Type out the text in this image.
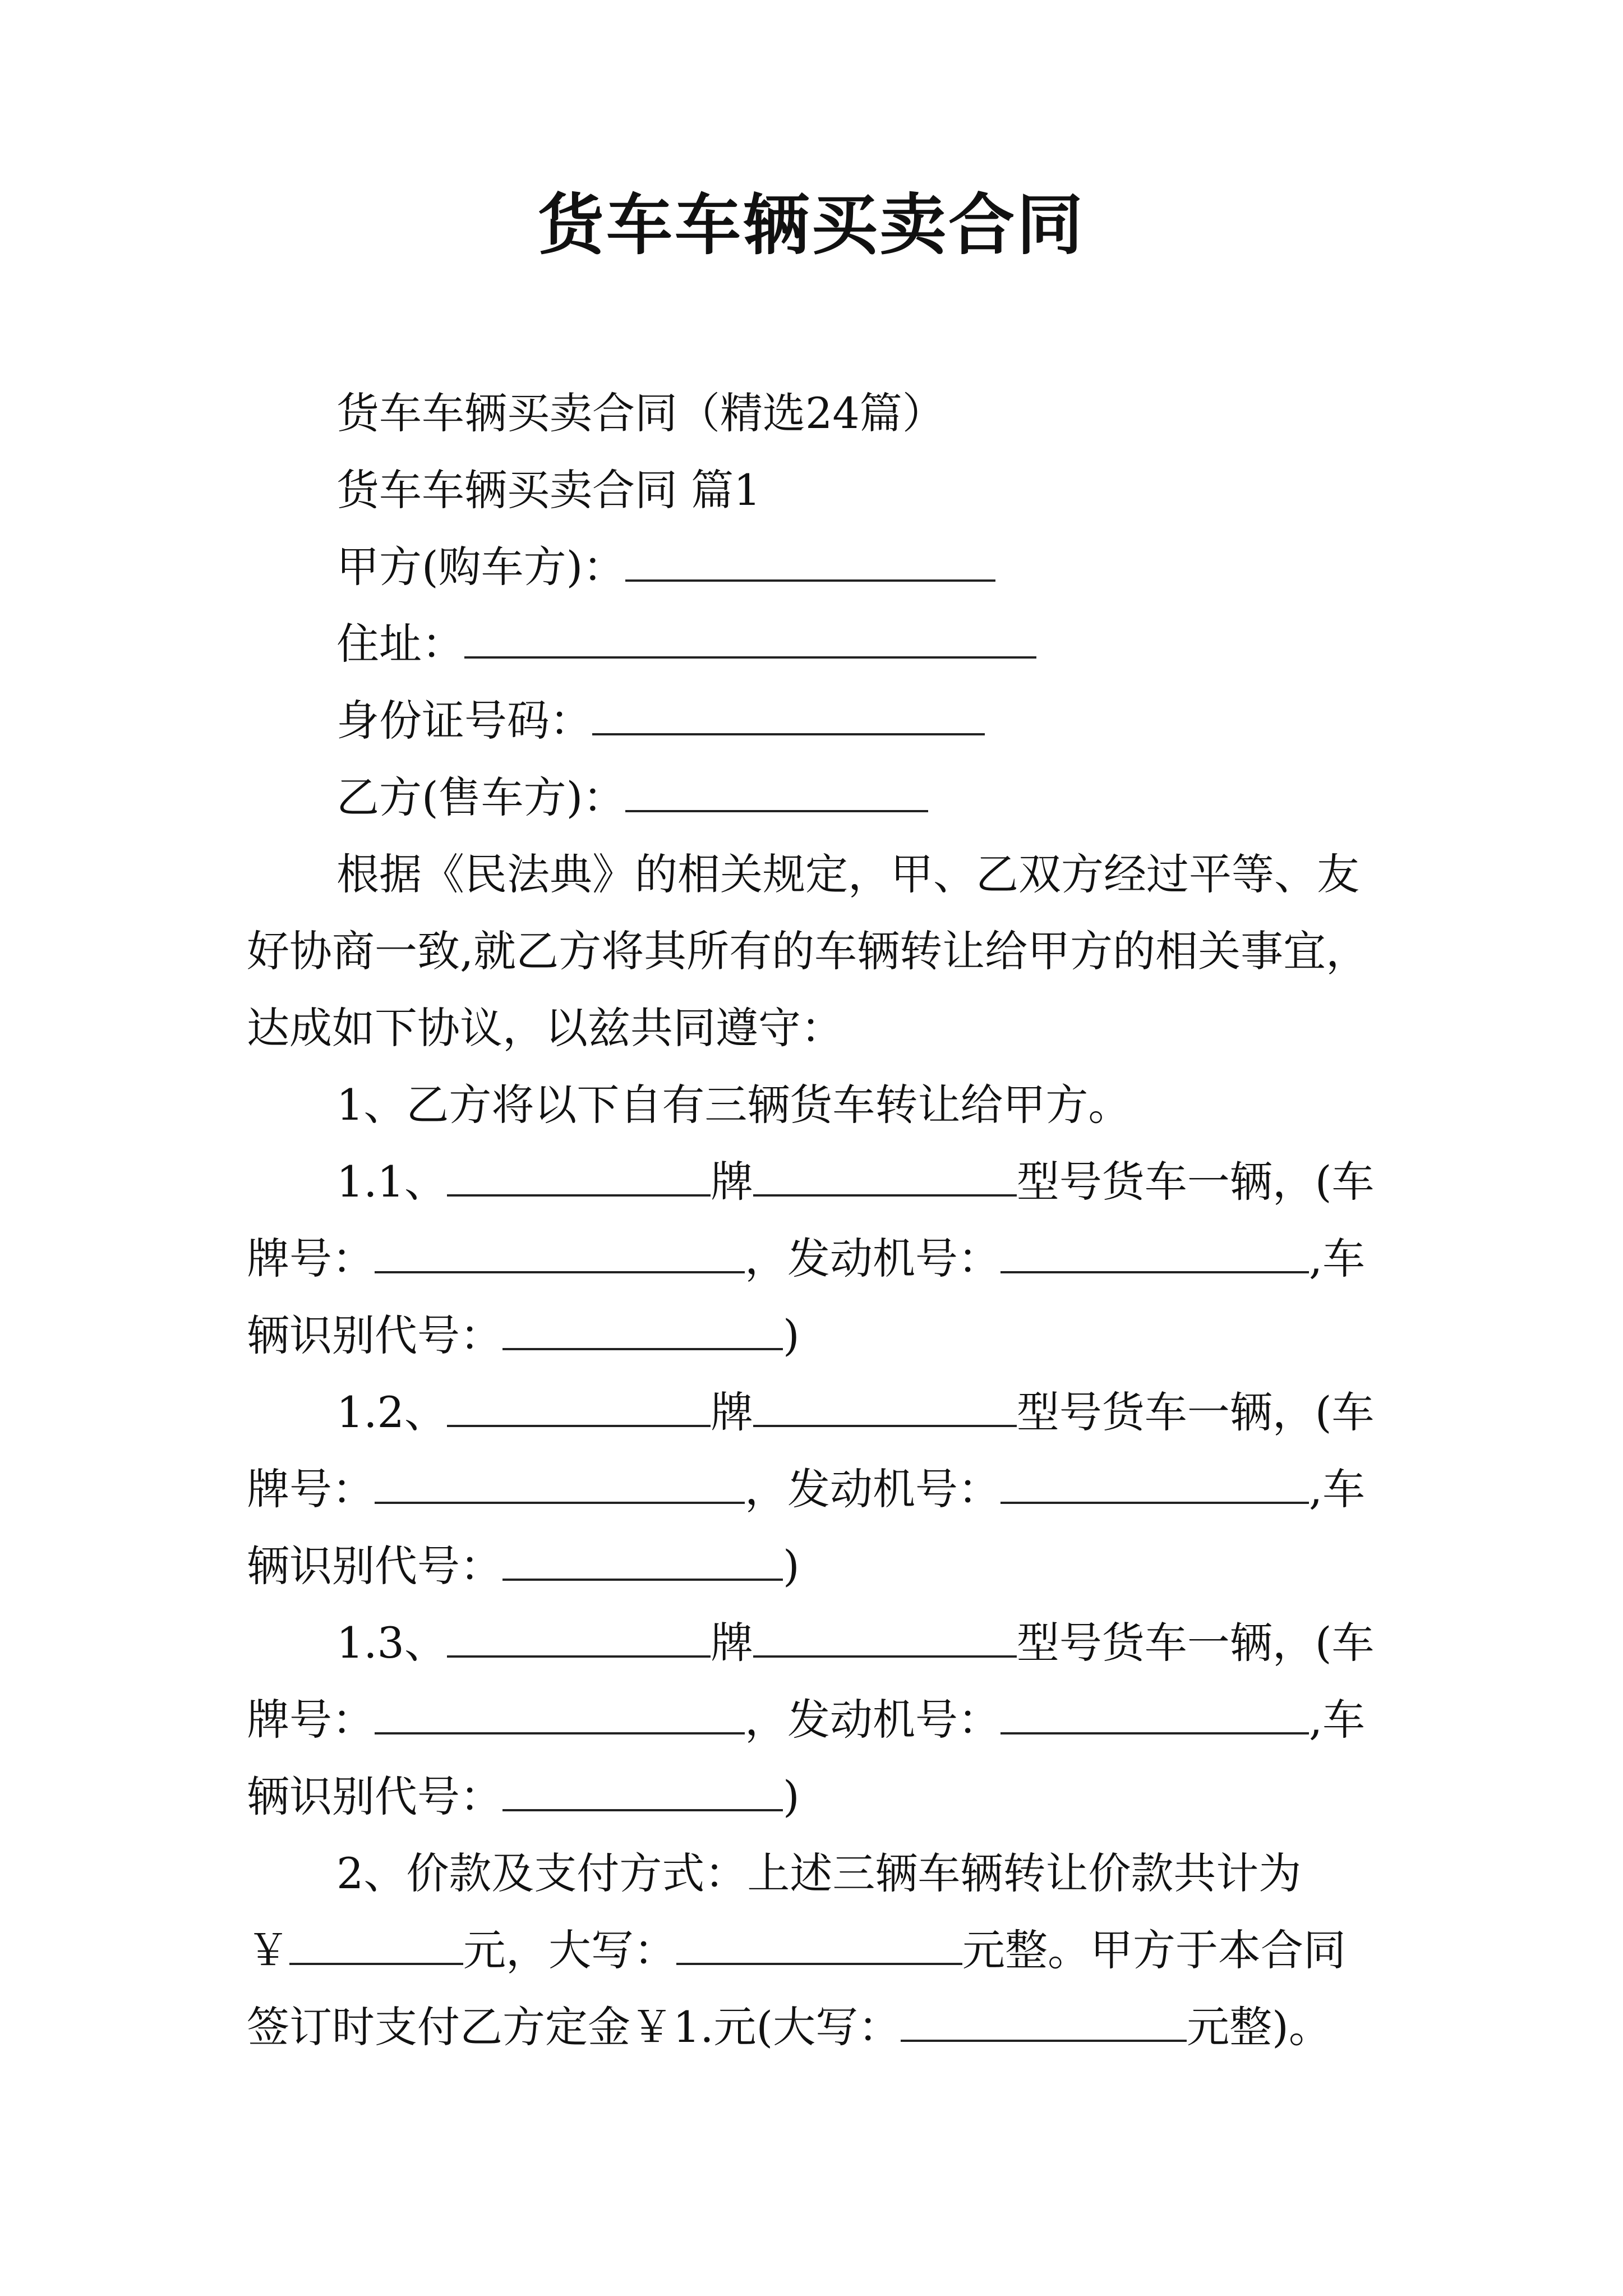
货车车辆买卖合同

货车车辆买卖合同（精选24篇）

货车车辆买卖合同 篇1

甲方(购车方)：

住址：

身份证号码：

乙方(售车方)：

根据《民法典》的相关规定，甲、乙双方经过平等、友

好协商一致,就乙方将其所有的车辆转让给甲方的相关事宜，

达成如下协议，以兹共同遵守：

1、乙方将以下自有三辆货车转让给甲方。

1.1、	牌	型号货车一辆，(车

牌号：	，发动机号：	,车

辆识别代号：	)

1.2、	牌	型号货车一辆，(车

牌号：	，发动机号：	,车

辆识别代号：	)

1.3、	牌	型号货车一辆，(车

牌号：	，发动机号：	,车

辆识别代号：	)

2、价款及支付方式：上述三辆车辆转让价款共计为

￥	元，大写：	元整。甲方于本合同

签订时支付乙方定金￥1.元(大写：	元整)。
